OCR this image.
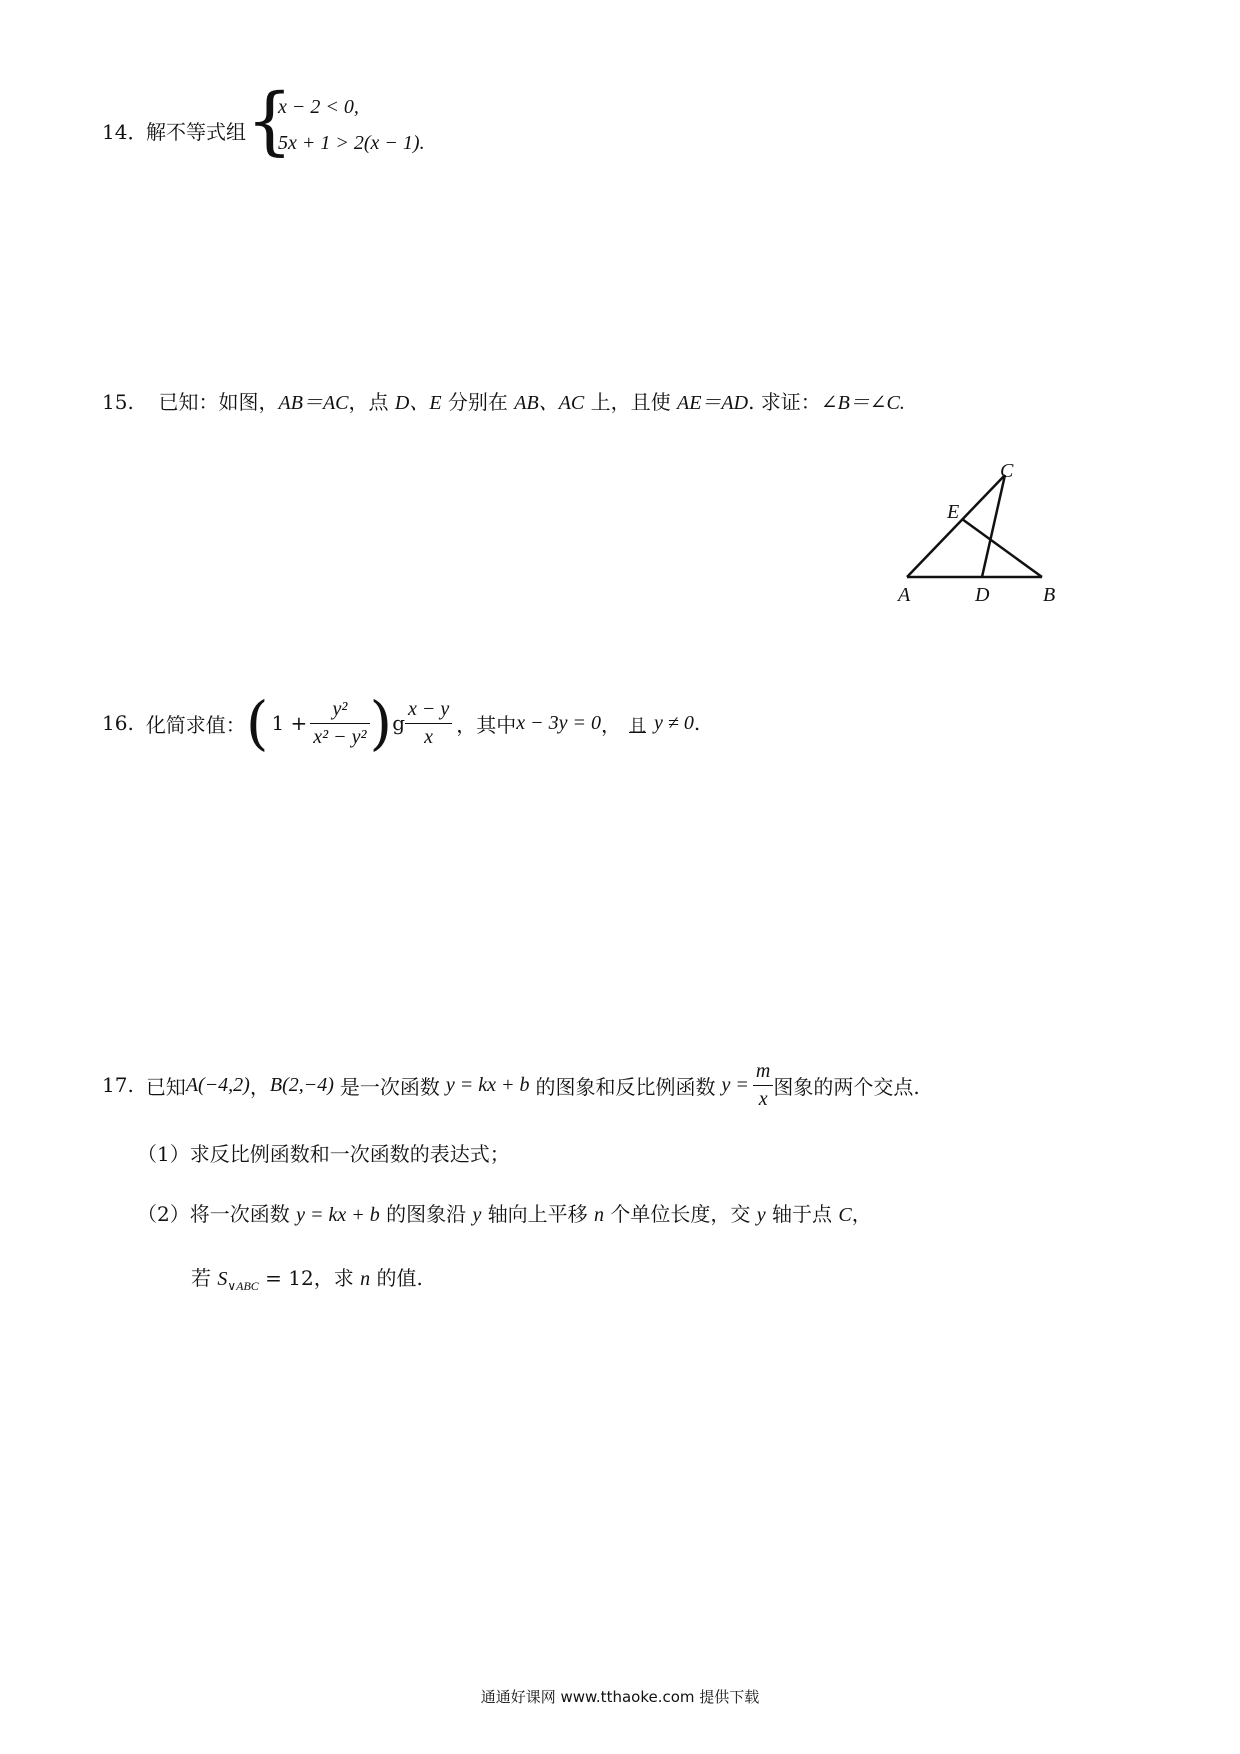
14．
解不等式组 {
x − 2 < 0,
5x + 1 > 2(x − 1).
15. 已知：如图，AB＝AC，点 D、E 分别在 AB、AC 上，且使 AE＝AD. 求证：∠B＝∠C.
C
E
A	D	B
16. 化简求值： ( $1 + \frac{\text{y²}}{\text{x² − y²}}$ ) g $\frac{x - y}{x}$ ，其中 x − 3y = 0 ， 且 y ≠ 0 .
17. 已知 A(−4,2) ， B(2,−4) 是一次函数 y = kx + b 的图象和反比例函数 $y = \frac{m}{x}$ 图象的两个交点.
（1）求反比例函数和一次函数的表达式；
（2）将一次函数 y = kx + b 的图象沿 y 轴向上平移 n 个单位长度，交 y 轴于点 C，
若 $S_{\vee ABC} = 12$，求 n 的值.
通通好课网 www.tthaoke.com 提供下载
